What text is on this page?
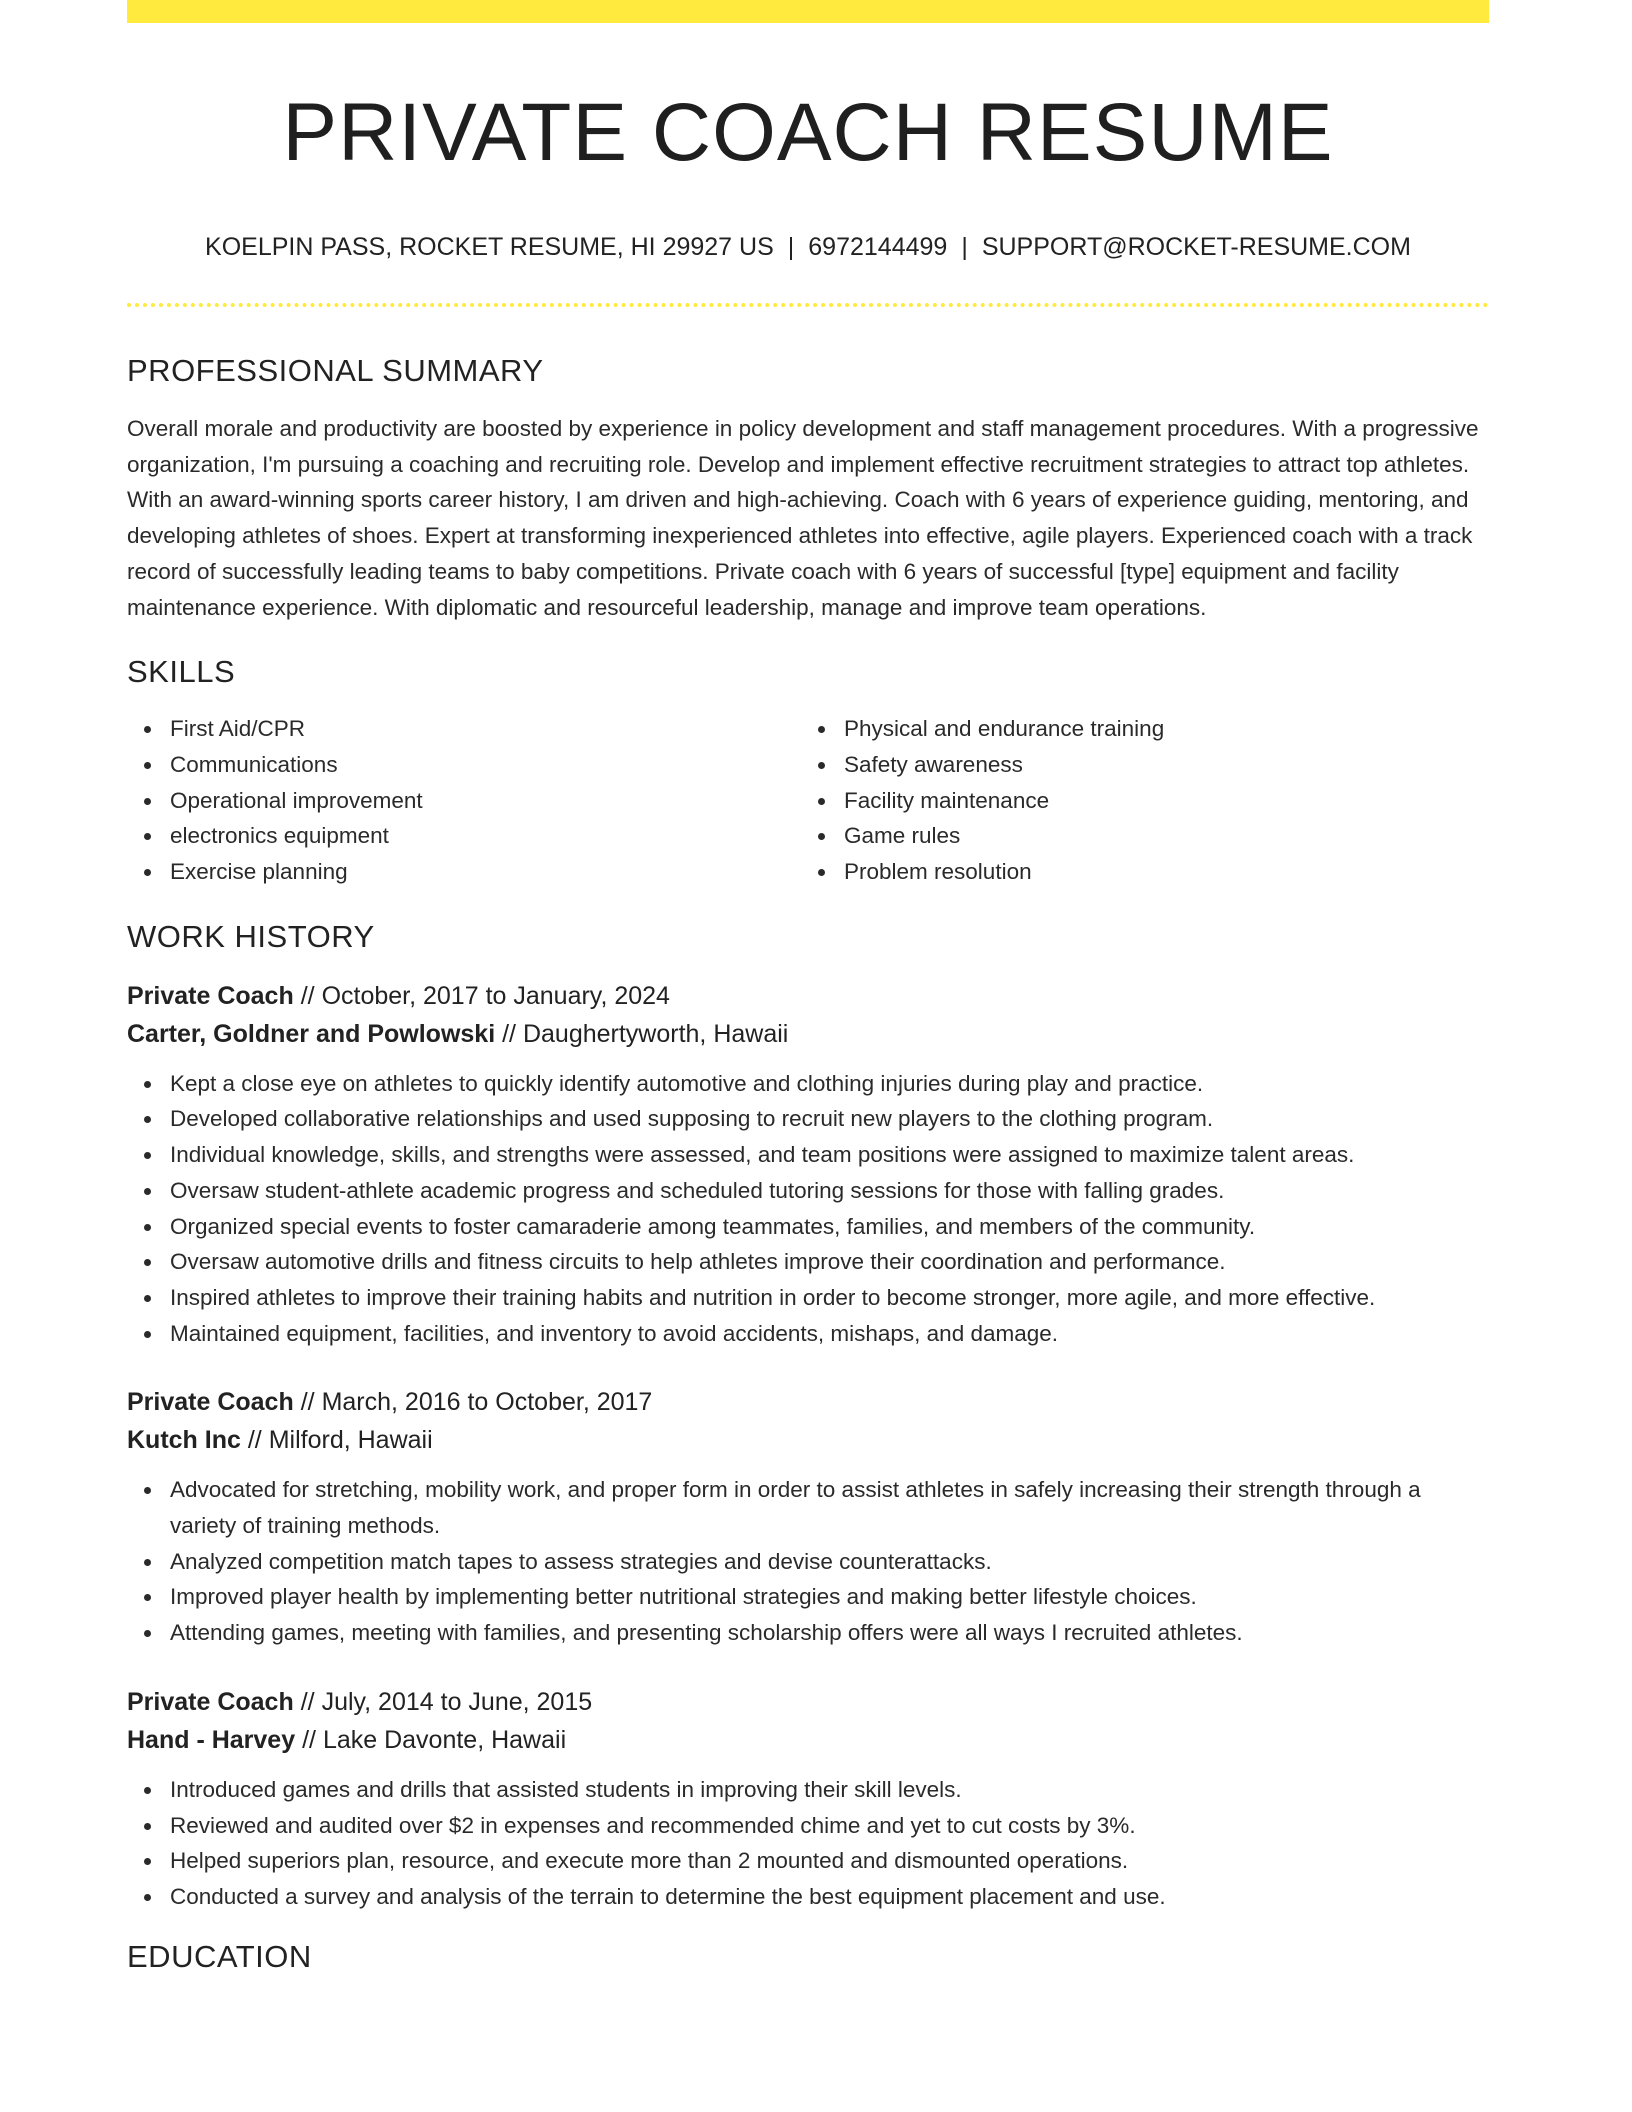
PRIVATE COACH RESUME
KOELPIN PASS, ROCKET RESUME, HI 29927 US | 6972144499 | SUPPORT@ROCKET-RESUME.COM
PROFESSIONAL SUMMARY
Overall morale and productivity are boosted by experience in policy development and staff management procedures. With a progressive organization, I'm pursuing a coaching and recruiting role. Develop and implement effective recruitment strategies to attract top athletes. With an award-winning sports career history, I am driven and high-achieving. Coach with 6 years of experience guiding, mentoring, and developing athletes of shoes. Expert at transforming inexperienced athletes into effective, agile players. Experienced coach with a track record of successfully leading teams to baby competitions. Private coach with 6 years of successful [type] equipment and facility maintenance experience. With diplomatic and resourceful leadership, manage and improve team operations.
SKILLS
First Aid/CPR
Communications
Operational improvement
electronics equipment
Exercise planning
Physical and endurance training
Safety awareness
Facility maintenance
Game rules
Problem resolution
WORK HISTORY
Private Coach // October, 2017 to January, 2024
Carter, Goldner and Powlowski // Daughertyworth, Hawaii
Kept a close eye on athletes to quickly identify automotive and clothing injuries during play and practice.
Developed collaborative relationships and used supposing to recruit new players to the clothing program.
Individual knowledge, skills, and strengths were assessed, and team positions were assigned to maximize talent areas.
Oversaw student-athlete academic progress and scheduled tutoring sessions for those with falling grades.
Organized special events to foster camaraderie among teammates, families, and members of the community.
Oversaw automotive drills and fitness circuits to help athletes improve their coordination and performance.
Inspired athletes to improve their training habits and nutrition in order to become stronger, more agile, and more effective.
Maintained equipment, facilities, and inventory to avoid accidents, mishaps, and damage.
Private Coach // March, 2016 to October, 2017
Kutch Inc // Milford, Hawaii
Advocated for stretching, mobility work, and proper form in order to assist athletes in safely increasing their strength through a variety of training methods.
Analyzed competition match tapes to assess strategies and devise counterattacks.
Improved player health by implementing better nutritional strategies and making better lifestyle choices.
Attending games, meeting with families, and presenting scholarship offers were all ways I recruited athletes.
Private Coach // July, 2014 to June, 2015
Hand - Harvey // Lake Davonte, Hawaii
Introduced games and drills that assisted students in improving their skill levels.
Reviewed and audited over $2 in expenses and recommended chime and yet to cut costs by 3%.
Helped superiors plan, resource, and execute more than 2 mounted and dismounted operations.
Conducted a survey and analysis of the terrain to determine the best equipment placement and use.
EDUCATION
